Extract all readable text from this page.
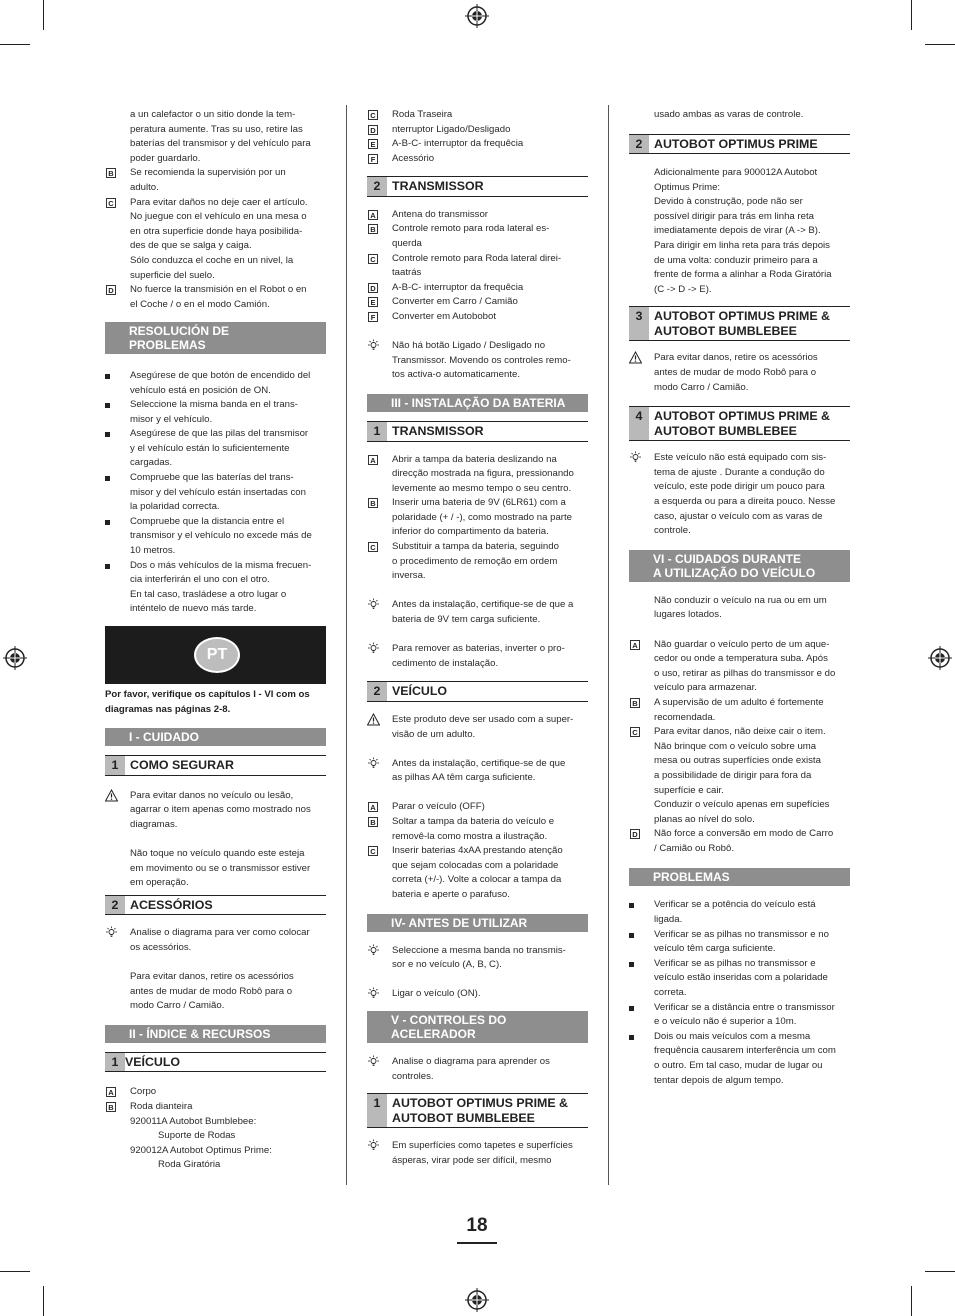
a un calefactor o un sitio donde la tem-

peratura aumente. Tras su uso, retire las

baterías del transmisor y del vehículo para

poder guardarlo.

B Se recomienda la supervisión por un

adulto.

C Para evitar daños no deje caer el artículo.

No juegue con el vehículo en una mesa o

en otra superficie donde haya posibilida-

des de que se salga y caiga.

Sólo conduzca el coche en un nivel, la

superficie del suelo.

D No fuerce la transmisión en el Robot o en

el Coche / o en el modo Camión.

RESOLUCIÓN DE
PROBLEMAS

Asegúrese de que botón de encendido del

vehículo está en posición de ON.

Seleccione la misma banda en el trans-

misor y el vehículo.

Asegúrese de que las pilas del transmisor

y el vehículo están lo suficientemente

cargadas.

Compruebe que las baterías del trans-

misor y del vehículo están insertadas con

la polaridad correcta.

Compruebe que la distancia entre el

transmisor y el vehículo no excede más de

10 metros.

Dos o más vehículos de la misma frecuen-

cia interferirán el uno con el otro.

En tal caso, trasládese a otro lugar o

inténtelo de nuevo más tarde.

PT

Por favor, verifique os capítulos I - VI com os

diagramas nas páginas 2-8.

I - CUIDADO
1 COMO SEGURAR

Para evitar danos no veículo ou lesão,

agarrar o item apenas como mostrado nos

diagramas.

Não toque no veículo quando este esteja

em movimento ou se o transmissor estiver

em operação.

2 ACESSÓRIOS

Analise o diagrama para ver como colocar

os acessórios.

Para evitar danos, retire os acessórios

antes de mudar de modo Robô para o

modo Carro / Camião.

II - ÍNDICE & RECURSOS
1 VEÍCULO
A Corpo

B Roda dianteira

920011A Autobot Bumblebee:

Suporte de Rodas

920012A Autobot Optimus Prime:

Roda Giratória

C Roda Traseira

D nterruptor Ligado/Desligado

E A-B-C- interruptor da frequêcia

F Acessório

2 TRANSMISSOR
A Antena do transmissor

B Controle remoto para roda lateral es-

querda

C Controle remoto para Roda lateral direi-

taatrás

D A-B-C- interruptor da frequêcia

E Converter em Carro / Camião

F Converter em Autobobot

Não há botão Ligado / Desligado no

Transmissor. Movendo os controles remo-

tos activa-o automaticamente.

III - INSTALAÇÃO DA BATERIA
1 TRANSMISSOR
A Abrir a tampa da bateria deslizando na

direcção mostrada na figura, pressionando

levemente ao mesmo tempo o seu centro.

B Inserir uma bateria de 9V (6LR61) com a

polaridade (+ / -), como mostrado na parte

inferior do compartimento da bateria.

C Substituir a tampa da bateria, seguindo

o procedimento de remoção em ordem

inversa.

Antes da instalação, certifique-se de que a

bateria de 9V tem carga suficiente.

Para remover as baterias, inverter o pro-

cedimento de instalação.

2 VEÍCULO

Este produto deve ser usado com a super-

visão de um adulto.

Antes da instalação, certifique-se de que

as pilhas AA têm carga suficiente.

A Parar o veículo (OFF)

B Soltar a tampa da bateria do veículo e

removê-la como mostra a ilustração.

C Inserir baterias 4xAA prestando atenção

que sejam colocadas com a polaridade

correta (+/-). Volte a colocar a tampa da

bateria e aperte o parafuso.

IV- ANTES DE UTILIZAR

Seleccione a mesma banda no transmis-

sor e no veículo (A, B, C).

Ligar o veículo (ON).

V - CONTROLES DO
ACELERADOR

Analise o diagrama para aprender os

controles.

1 AUTOBOT OPTIMUS PRIME &
AUTOBOT BUMBLEBEE

Em superfícies como tapetes e superfícies

ásperas, virar pode ser difícil, mesmo

usado ambas as varas de controle.

2 AUTOBOT OPTIMUS PRIME

Adicionalmente para 900012A Autobot

Optimus Prime:

Devido à construção, pode não ser

possível dirigir para trás em linha reta

imediatamente depois de virar (A -> B).

Para dirigir em linha reta para trás depois

de uma volta: conduzir primeiro para a

frente de forma a alinhar a Roda Giratória

(C -> D -> E).

3 AUTOBOT OPTIMUS PRIME &
AUTOBOT BUMBLEBEE

Para evitar danos, retire os acessórios

antes de mudar de modo Robô para o

modo Carro / Camião.

4 AUTOBOT OPTIMUS PRIME &
AUTOBOT BUMBLEBEE

Este veículo não está equipado com sis-

tema de ajuste . Durante a condução do

veículo, este pode dirigir um pouco para

a esquerda ou para a direita pouco. Nesse

caso, ajustar o veículo com as varas de

controle.

VI - CUIDADOS DURANTE
A UTILIZAÇÃO DO VEÍCULO

Não conduzir o veículo na rua ou em um

lugares lotados.

A Não guardar o veículo perto de um aque-

cedor ou onde a temperatura suba. Após

o uso, retirar as pilhas do transmissor e do

veículo para armazenar.

B A supervisão de um adulto é fortemente

recomendada.

C Para evitar danos, não deixe cair o item.

Não brinque com o veículo sobre uma

mesa ou outras superfícies onde exista

a possibilidade de dirigir para fora da

superfície e cair.

Conduzir o veículo apenas em supefícies

planas ao nível do solo.

D Não force a conversão em modo de Carro

/ Camião ou Robô.

PROBLEMAS

Verificar se a potência do veículo está

ligada.

Verificar se as pilhas no transmissor e no

veículo têm carga suficiente.

Verificar se as pilhas no transmissor e

veículo estão inseridas com a polaridade

correta.

Verificar se a distância entre o transmissor

e o veículo não é superior a 10m.

Dois ou mais veículos com a mesma

frequência causarem interferência um com

o outro. Em tal caso, mudar de lugar ou

tentar depois de algum tempo.

18
